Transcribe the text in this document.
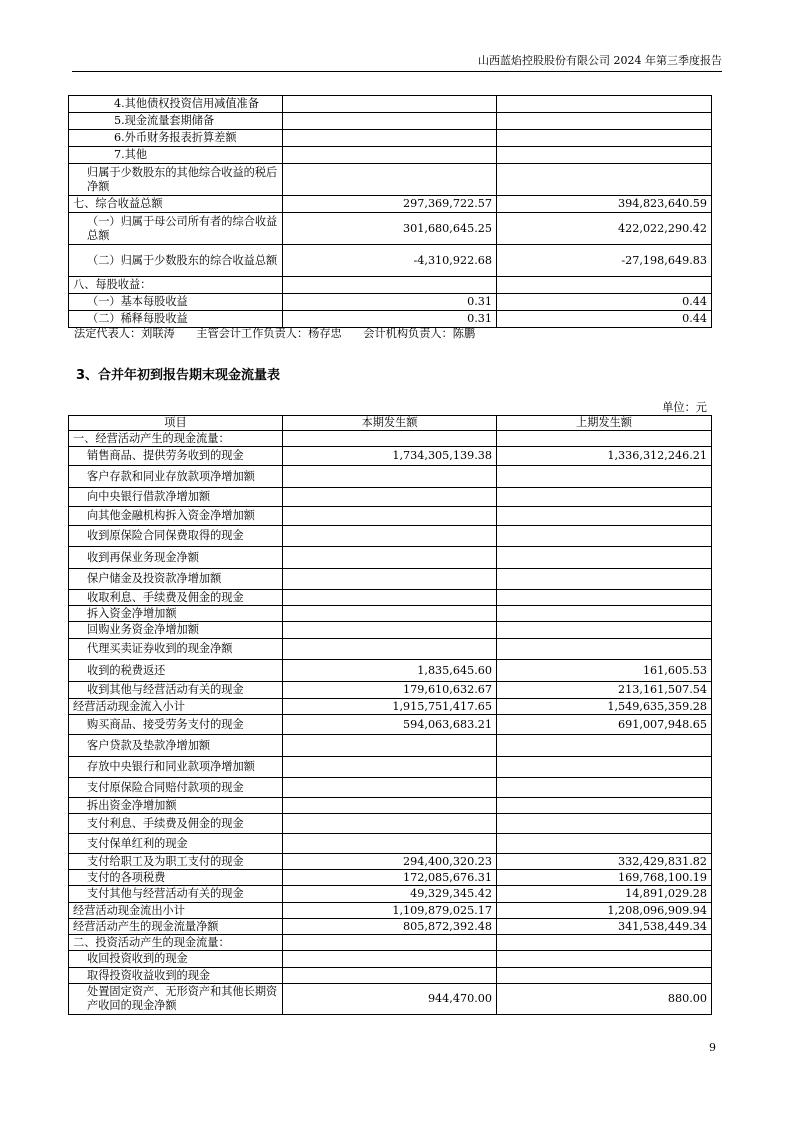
山西蓝焰控股股份有限公司 2024 年第三季度报告
4.其他债权投资信用减值准备		
5.现金流量套期储备		
6.外币财务报表折算差额		
7.其他		
归属于少数股东的其他综合收益的税后净额		
七、综合收益总额	297,369,722.57	394,823,640.59
（一）归属于母公司所有者的综合收益总额	301,680,645.25	422,022,290.42
（二）归属于少数股东的综合收益总额	-4,310,922.68	-27,198,649.83
八、每股收益：		
（一）基本每股收益	0.31	0.44
（二）稀释每股收益	0.31	0.44
法定代表人：刘联涛 主管会计工作负责人：杨存忠 会计机构负责人：陈鹏
3、合并年初到报告期末现金流量表
单位：元
项目	本期发生额	上期发生额
一、经营活动产生的现金流量：		
销售商品、提供劳务收到的现金	1,734,305,139.38	1,336,312,246.21
客户存款和同业存放款项净增加额		
向中央银行借款净增加额		
向其他金融机构拆入资金净增加额		
收到原保险合同保费取得的现金		
收到再保业务现金净额		
保户储金及投资款净增加额		
收取利息、手续费及佣金的现金		
拆入资金净增加额		
回购业务资金净增加额		
代理买卖证券收到的现金净额		
收到的税费返还	1,835,645.60	161,605.53
收到其他与经营活动有关的现金	179,610,632.67	213,161,507.54
经营活动现金流入小计	1,915,751,417.65	1,549,635,359.28
购买商品、接受劳务支付的现金	594,063,683.21	691,007,948.65
客户贷款及垫款净增加额		
存放中央银行和同业款项净增加额		
支付原保险合同赔付款项的现金		
拆出资金净增加额		
支付利息、手续费及佣金的现金		
支付保单红利的现金		
支付给职工及为职工支付的现金	294,400,320.23	332,429,831.82
支付的各项税费	172,085,676.31	169,768,100.19
支付其他与经营活动有关的现金	49,329,345.42	14,891,029.28
经营活动现金流出小计	1,109,879,025.17	1,208,096,909.94
经营活动产生的现金流量净额	805,872,392.48	341,538,449.34
二、投资活动产生的现金流量：		
收回投资收到的现金		
取得投资收益收到的现金		
处置固定资产、无形资产和其他长期资产收回的现金净额	944,470.00	880.00
9
